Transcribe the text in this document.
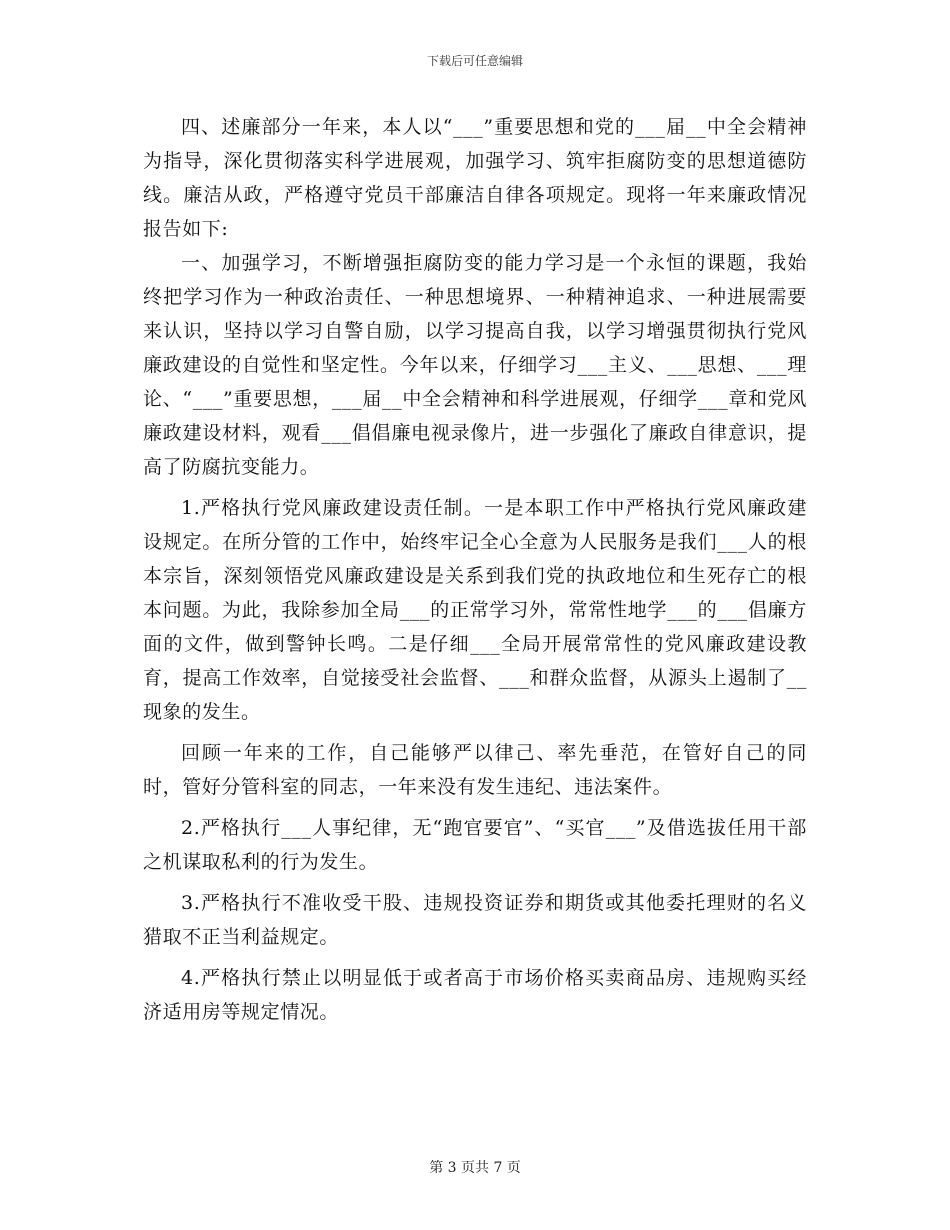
下载后可任意编辑

四、述廉部分一年来，本人以“___”重要思想和党的___届__中全会精神为指导，深化贯彻落实科学进展观，加强学习、筑牢拒腐防变的思想道德防线。廉洁从政，严格遵守党员干部廉洁自律各项规定。现将一年来廉政情况报告如下:

一、加强学习，不断增强拒腐防变的能力学习是一个永恒的课题，我始终把学习作为一种政治责任、一种思想境界、一种精神追求、一种进展需要来认识，坚持以学习自警自励，以学习提高自我，以学习增强贯彻执行党风廉政建设的自觉性和坚定性。今年以来，仔细学习___主义、___思想、___理论、“___”重要思想，___届__中全会精神和科学进展观，仔细学___章和党风廉政建设材料，观看___倡倡廉电视录像片，进一步强化了廉政自律意识，提高了防腐抗变能力。

1.严格执行党风廉政建设责任制。一是本职工作中严格执行党风廉政建设规定。在所分管的工作中，始终牢记全心全意为人民服务是我们___人的根本宗旨，深刻领悟党风廉政建设是关系到我们党的执政地位和生死存亡的根本问题。为此，我除参加全局___的正常学习外，常常性地学___的___倡廉方面的文件，做到警钟长鸣。二是仔细___全局开展常常性的党风廉政建设教育，提高工作效率，自觉接受社会监督、___和群众监督，从源头上遏制了__现象的发生。

回顾一年来的工作，自己能够严以律己、率先垂范，在管好自己的同时，管好分管科室的同志，一年来没有发生违纪、违法案件。

2.严格执行___人事纪律，无“跑官要官”、“买官___”及借选拔任用干部之机谋取私利的行为发生。

3.严格执行不准收受干股、违规投资证券和期货或其他委托理财的名义猎取不正当利益规定。

4.严格执行禁止以明显低于或者高于市场价格买卖商品房、违规购买经济适用房等规定情况。

第 3 页共 7 页
